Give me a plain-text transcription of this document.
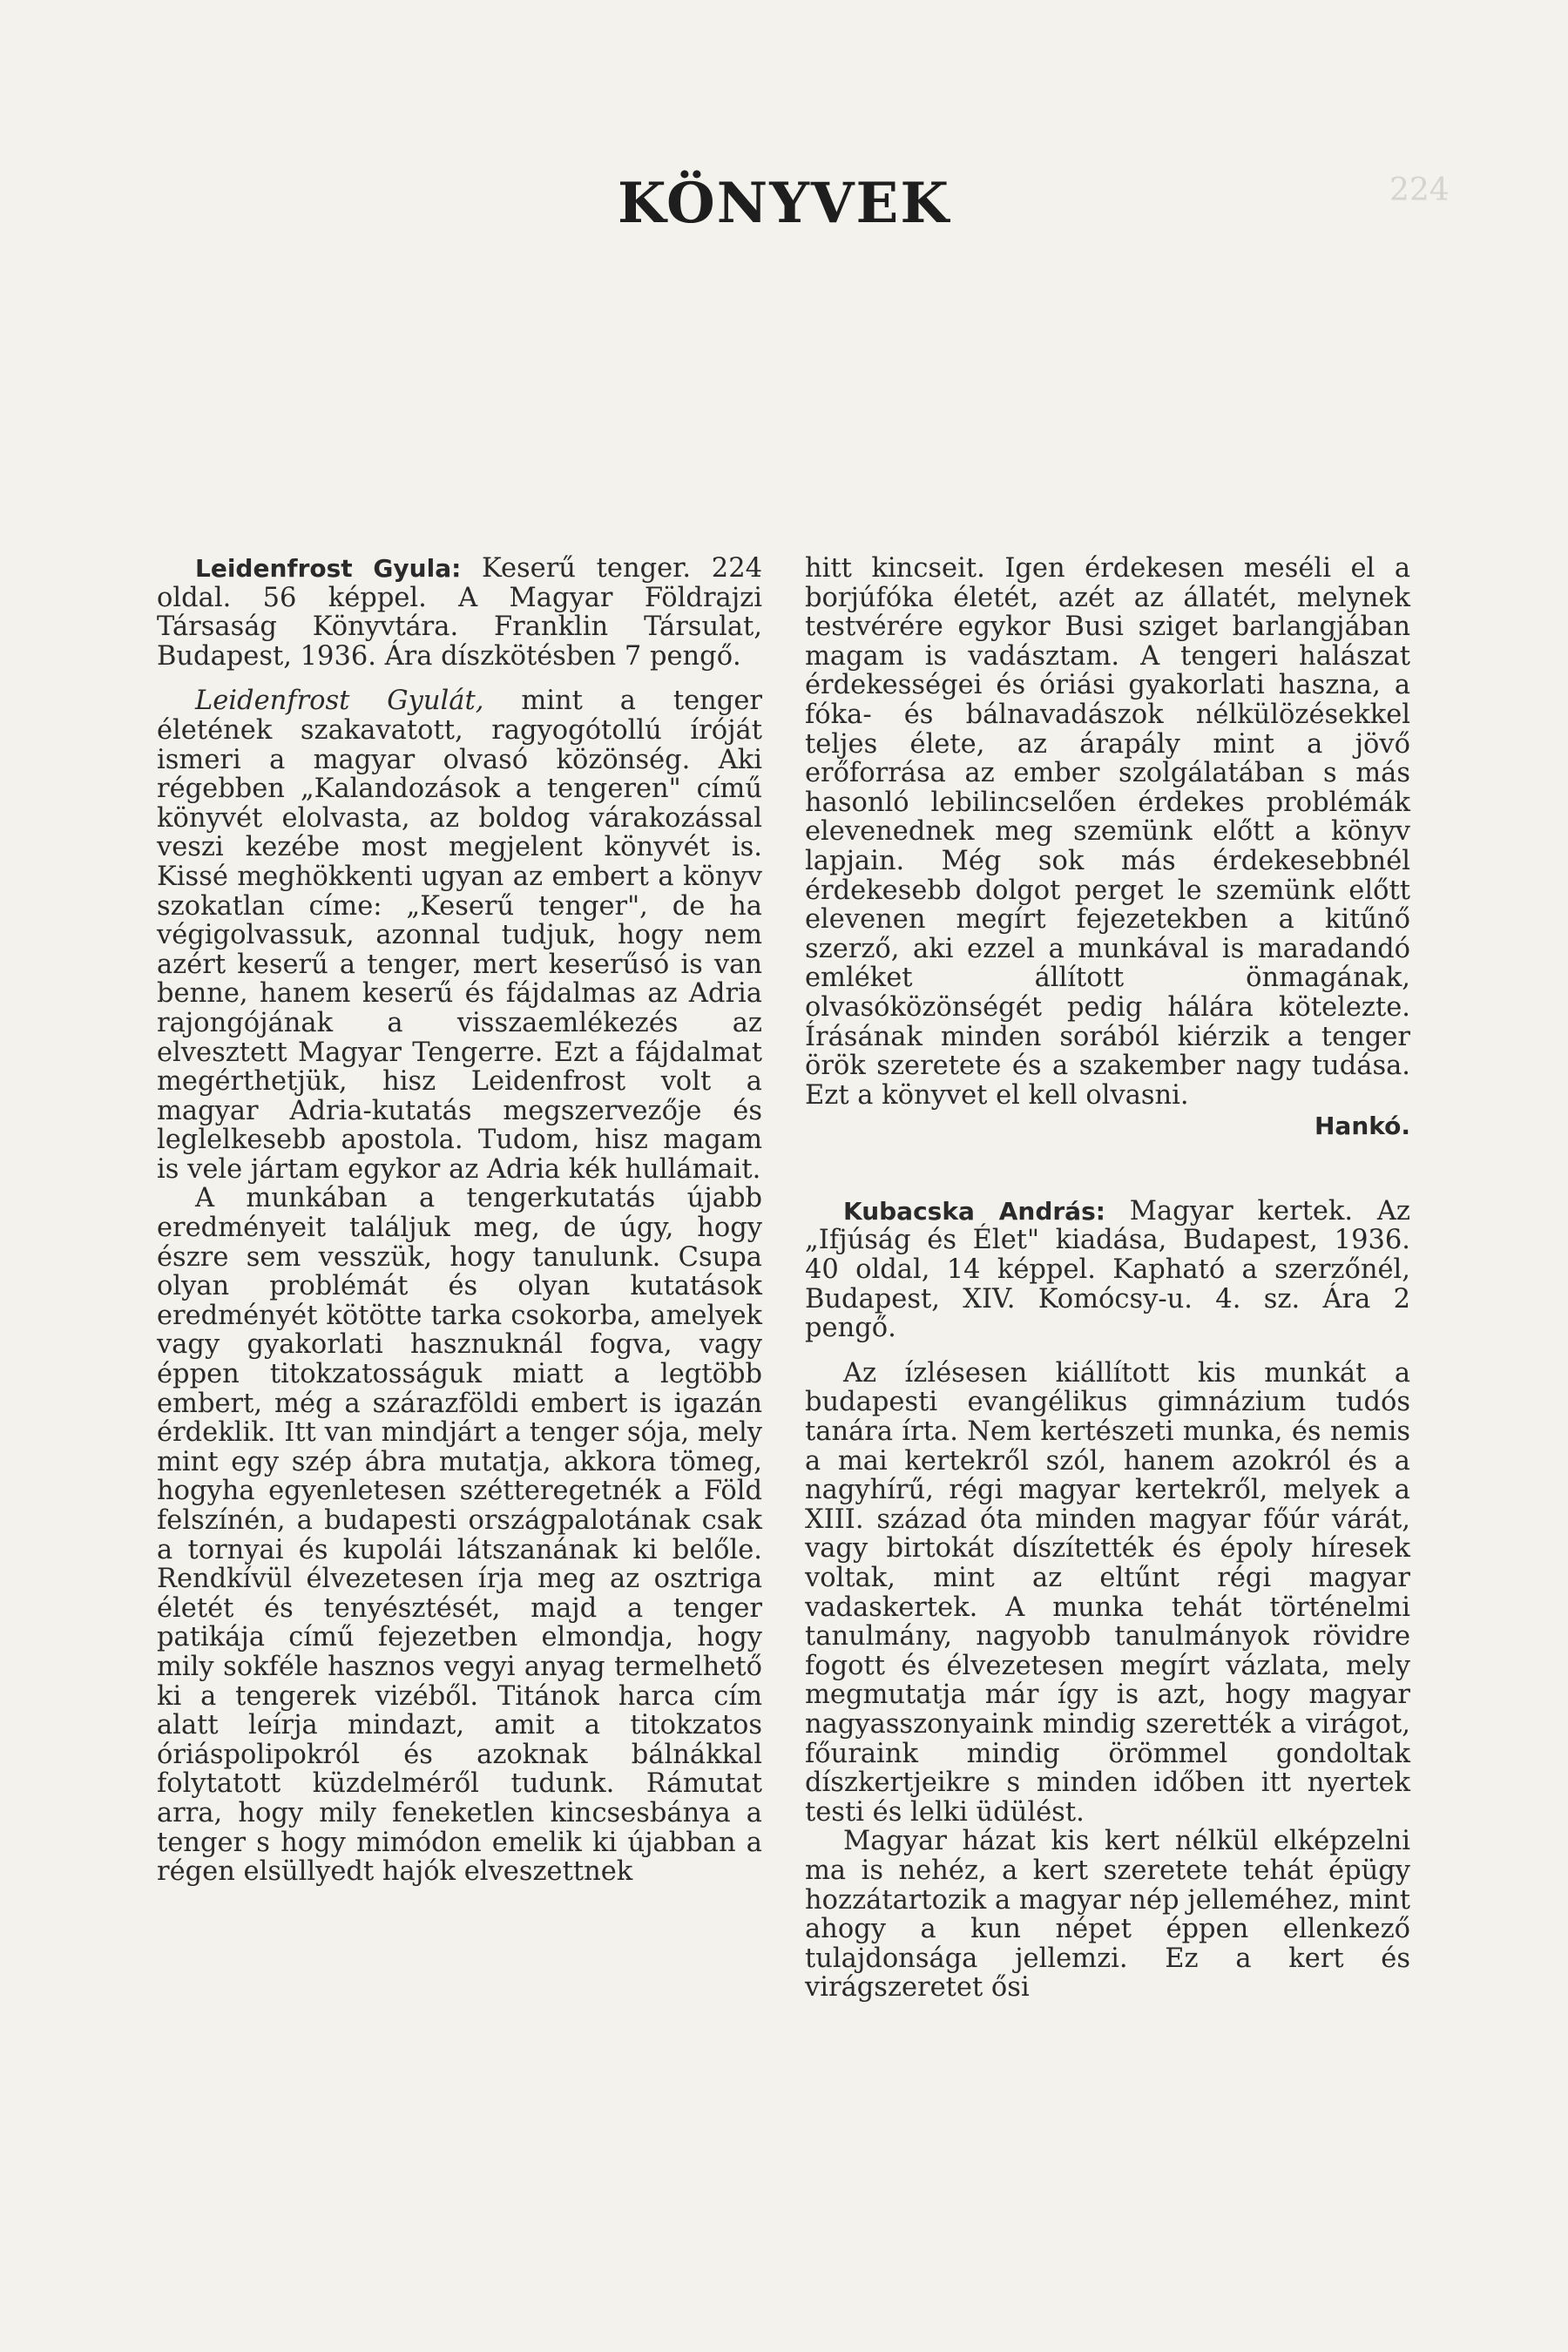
224
KÖNYVEK

Leidenfrost Gyula: Keserű tenger. 224 oldal. 56 képpel. A Magyar Földrajzi Társaság Könyvtára. Franklin Társulat, Budapest, 1936. Ára díszkötésben 7 pengő.

Leidenfrost Gyulát, mint a tenger életének szakavatott, ragyogótollú íróját ismeri a magyar olvasó közönség. Aki régebben „Kalandozások a tengeren" című könyvét elolvasta, az boldog várakozással veszi kezébe most megjelent könyvét is. Kissé meghökkenti ugyan az embert a könyv szokatlan címe: „Keserű tenger", de ha végigolvassuk, azonnal tudjuk, hogy nem azért keserű a tenger, mert keserűsó is van benne, hanem keserű és fájdalmas az Adria rajongójának a visszaemlékezés az elvesztett Magyar Tengerre. Ezt a fájdalmat megérthetjük, hisz Leidenfrost volt a magyar Adria-kutatás megszervezője és leglelkesebb apostola. Tudom, hisz magam is vele jártam egykor az Adria kék hullámait.

A munkában a tengerkutatás újabb eredményeit találjuk meg, de úgy, hogy észre sem vesszük, hogy tanulunk. Csupa olyan problémát és olyan kutatások eredményét kötötte tarka csokorba, amelyek vagy gyakorlati hasznuknál fogva, vagy éppen titokzatosságuk miatt a legtöbb embert, még a szárazföldi embert is igazán érdeklik. Itt van mindjárt a tenger sója, mely mint egy szép ábra mutatja, akkora tömeg, hogyha egyenletesen szétteregetnék a Föld felszínén, a budapesti országpalotának csak a tornyai és kupolái látszanának ki belőle. Rendkívül élvezetesen írja meg az osztriga életét és tenyésztését, majd a tenger patikája című fejezetben elmondja, hogy mily sokféle hasznos vegyi anyag termelhető ki a tengerek vizéből. Titánok harca cím alatt leírja mindazt, amit a titokzatos óriáspolipokról és azoknak bálnákkal folytatott küzdelméről tudunk. Rámutat arra, hogy mily feneketlen kincsesbánya a tenger s hogy mimódon emelik ki újabban a régen elsüllyedt hajók elveszettnek

hitt kincseit. Igen érdekesen meséli el a borjúfóka életét, azét az állatét, melynek testvérére egykor Busi sziget barlangjában magam is vadásztam. A tengeri halászat érdekességei és óriási gyakorlati haszna, a fóka- és bálnavadászok nélkülözésekkel teljes élete, az árapály mint a jövő erőforrása az ember szolgálatában s más hasonló lebilincselően érdekes problémák elevenednek meg szemünk előtt a könyv lapjain. Még sok más érdekesebbnél érdekesebb dolgot perget le szemünk előtt elevenen megírt fejezetekben a kitűnő szerző, aki ezzel a munkával is maradandó emléket állított önmagának, olvasóközönségét pedig hálára kötelezte. Írásának minden sorából kiérzik a tenger örök szeretete és a szakember nagy tudása. Ezt a könyvet el kell olvasni.

Hankó.

Kubacska András: Magyar kertek. Az „Ifjúság és Élet" kiadása, Budapest, 1936. 40 oldal, 14 képpel. Kapható a szerzőnél, Budapest, XIV. Komócsy-u. 4. sz. Ára 2 pengő.

Az ízlésesen kiállított kis munkát a budapesti evangélikus gimnázium tudós tanára írta. Nem kertészeti munka, és nemis a mai kertekről szól, hanem azokról és a nagyhírű, régi magyar kertekről, melyek a XIII. század óta minden magyar főúr várát, vagy birtokát díszítették és époly híresek voltak, mint az eltűnt régi magyar vadaskertek. A munka tehát történelmi tanulmány, nagyobb tanulmányok rövidre fogott és élvezetesen megírt vázlata, mely megmutatja már így is azt, hogy magyar nagyasszonyaink mindig szerették a virágot, főuraink mindig örömmel gondoltak díszkertjeikre s minden időben itt nyertek testi és lelki üdülést.

Magyar házat kis kert nélkül elképzelni ma is nehéz, a kert szeretete tehát épügy hozzátartozik a magyar nép jelleméhez, mint ahogy a kun népet éppen ellenkező tulajdonsága jellemzi. Ez a kert és virágszeretet ősi
